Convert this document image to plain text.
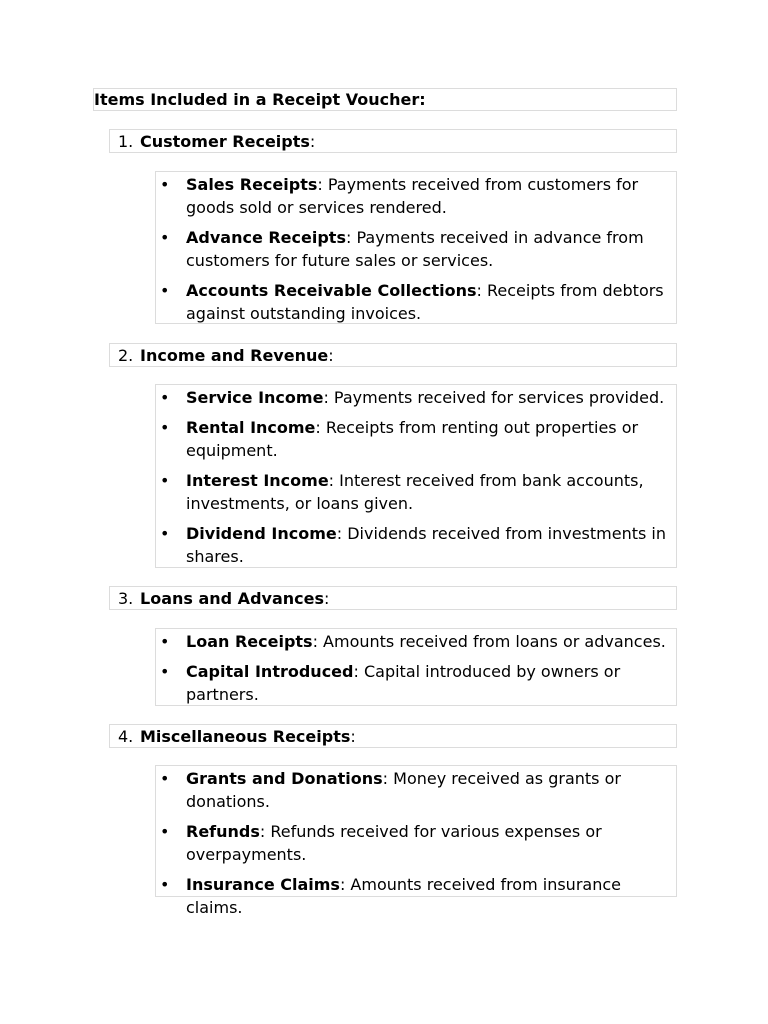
Items Included in a Receipt Voucher:
1. Customer Receipts:
• Sales Receipts: Payments received from customers for goods sold or services rendered.
• Advance Receipts: Payments received in advance from customers for future sales or services.
• Accounts Receivable Collections: Receipts from debtors against outstanding invoices.
2. Income and Revenue:
• Service Income: Payments received for services provided.
• Rental Income: Receipts from renting out properties or equipment.
• Interest Income: Interest received from bank accounts, investments, or loans given.
• Dividend Income: Dividends received from investments in shares.
3. Loans and Advances:
• Loan Receipts: Amounts received from loans or advances.
• Capital Introduced: Capital introduced by owners or partners.
4. Miscellaneous Receipts:
• Grants and Donations: Money received as grants or donations.
• Refunds: Refunds received for various expenses or overpayments.
• Insurance Claims: Amounts received from insurance claims.
